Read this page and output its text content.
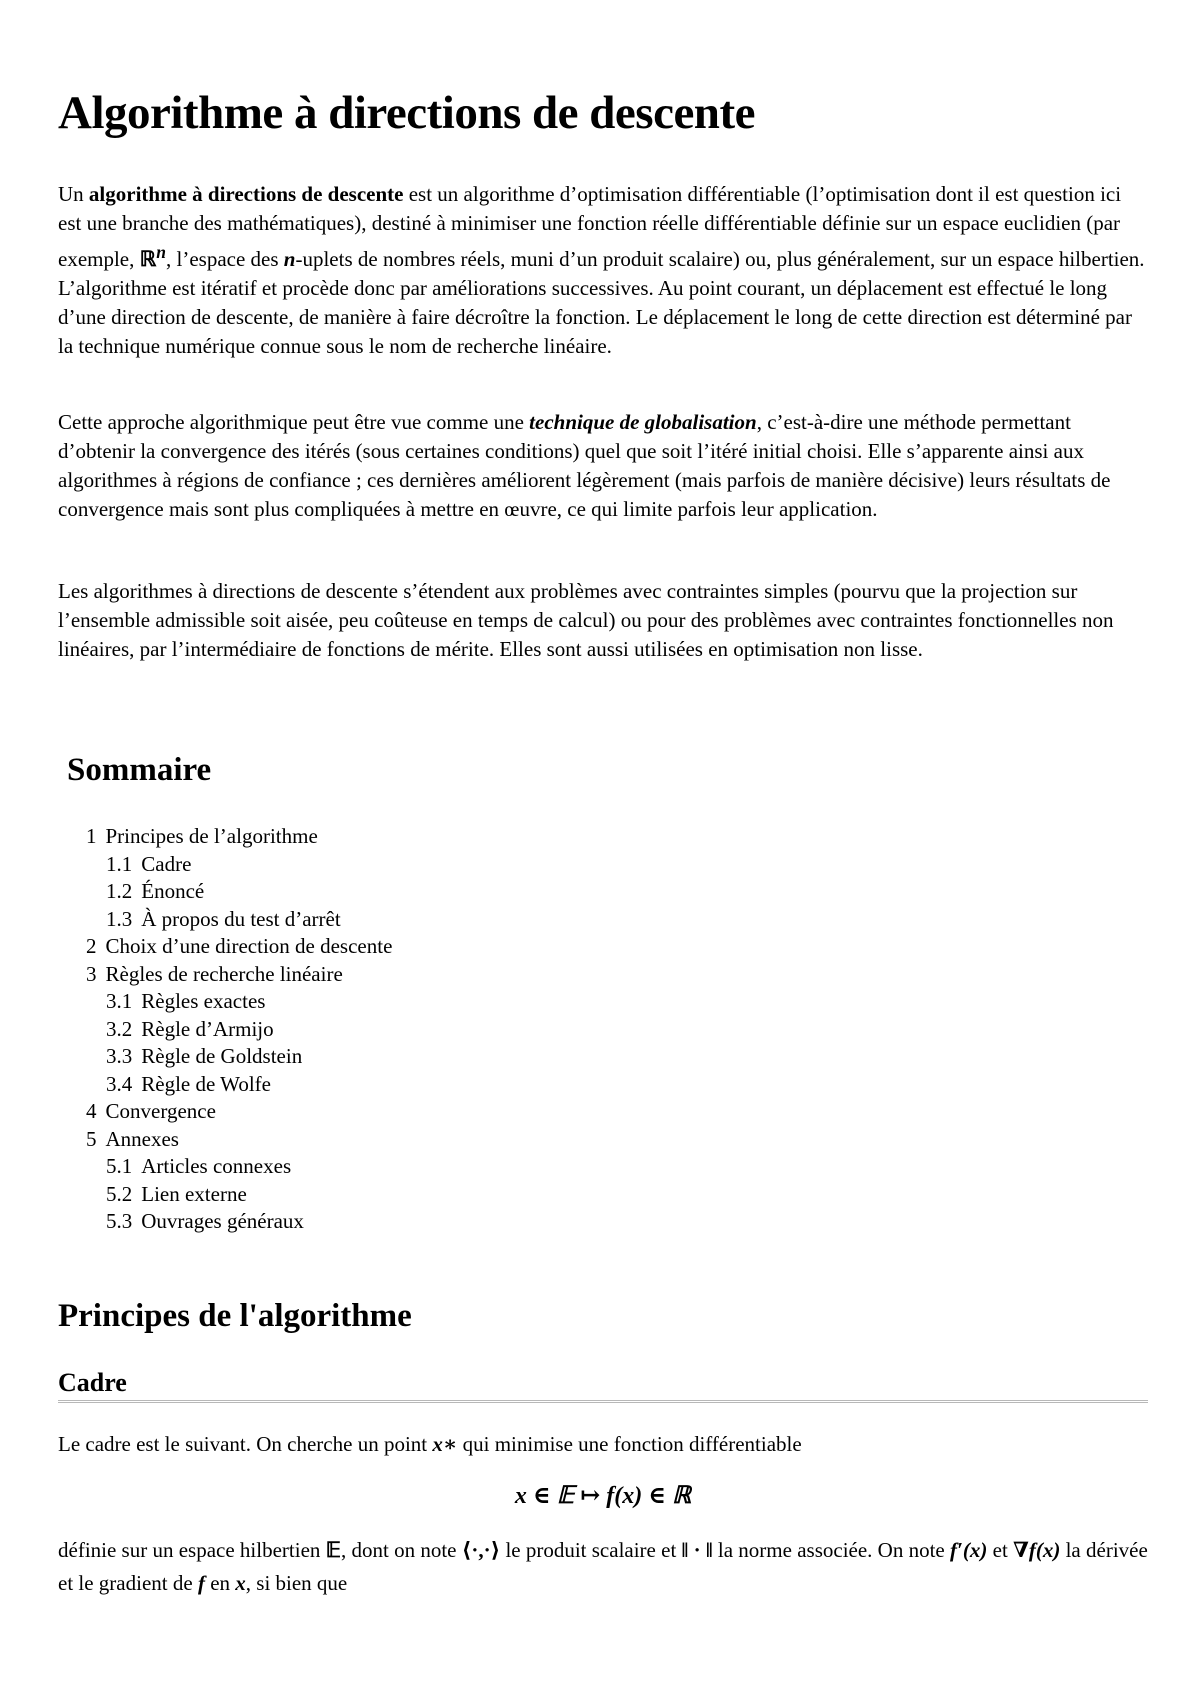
Algorithme à directions de descente

Un algorithme à directions de descente est un algorithme d’optimisation différentiable (l’optimisation dont il est question ici est une branche des mathématiques), destiné à minimiser une fonction réelle différentiable définie sur un espace euclidien (par exemple, ℝ$^n$, l’espace des n-uplets de nombres réels, muni d’un produit scalaire) ou, plus généralement, sur un espace hilbertien. L’algorithme est itératif et procède donc par améliorations successives. Au point courant, un déplacement est effectué le long d’une direction de descente, de manière à faire décroître la fonction. Le déplacement le long de cette direction est déterminé par la technique numérique connue sous le nom de recherche linéaire.

Cette approche algorithmique peut être vue comme une technique de globalisation, c’est-à-dire une méthode permettant d’obtenir la convergence des itérés (sous certaines conditions) quel que soit l’itéré initial choisi. Elle s’apparente ainsi aux algorithmes à régions de confiance ; ces dernières améliorent légèrement (mais parfois de manière décisive) leurs résultats de convergence mais sont plus compliquées à mettre en œuvre, ce qui limite parfois leur application.

Les algorithmes à directions de descente s’étendent aux problèmes avec contraintes simples (pourvu que la projection sur l’ensemble admissible soit aisée, peu coûteuse en temps de calcul) ou pour des problèmes avec contraintes fonctionnelles non linéaires, par l’intermédiaire de fonctions de mérite. Elles sont aussi utilisées en optimisation non lisse.

Sommaire
1 Principes de l’algorithme
1.1 Cadre
1.2 Énoncé
1.3 À propos du test d’arrêt
2 Choix d’une direction de descente
3 Règles de recherche linéaire
3.1 Règles exactes
3.2 Règle d’Armijo
3.3 Règle de Goldstein
3.4 Règle de Wolfe
4 Convergence
5 Annexes
5.1 Articles connexes
5.2 Lien externe
5.3 Ouvrages généraux
Principes de l'algorithme
Cadre

Le cadre est le suivant. On cherche un point x∗ qui minimise une fonction différentiable

x ∈ 𝔼 ↦ f(x) ∈ ℝ

définie sur un espace hilbertien 𝔼, dont on note ⟨·,·⟩ le produit scalaire et ‖ · ‖ la norme associée. On note f′(x) et ∇f(x) la dérivée et le gradient de f en x, si bien que
